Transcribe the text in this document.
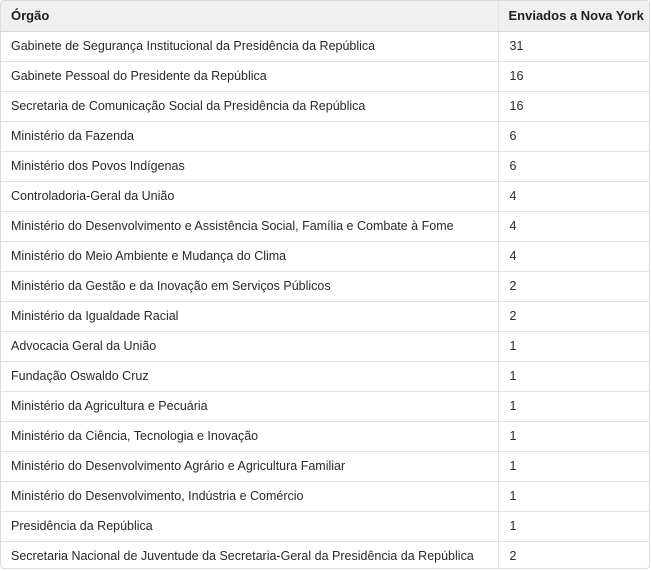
Órgão	Enviados a Nova York
Gabinete de Segurança Institucional da Presidência da República	31
Gabinete Pessoal do Presidente da República	16
Secretaria de Comunicação Social da Presidência da República	16
Ministério da Fazenda	6
Ministério dos Povos Indígenas	6
Controladoria-Geral da União	4
Ministério do Desenvolvimento e Assistência Social, Família e Combate à Fome	4
Ministério do Meio Ambiente e Mudança do Clima	4
Ministério da Gestão e da Inovação em Serviços Públicos	2
Ministério da Igualdade Racial	2
Advocacia Geral da União	1
Fundação Oswaldo Cruz	1
Ministério da Agricultura e Pecuária	1
Ministério da Ciência, Tecnologia e Inovação	1
Ministério do Desenvolvimento Agrário e Agricultura Familiar	1
Ministério do Desenvolvimento, Indústria e Comércio	1
Presidência da República	1
Secretaria Nacional de Juventude da Secretaria-Geral da Presidência da República	2
